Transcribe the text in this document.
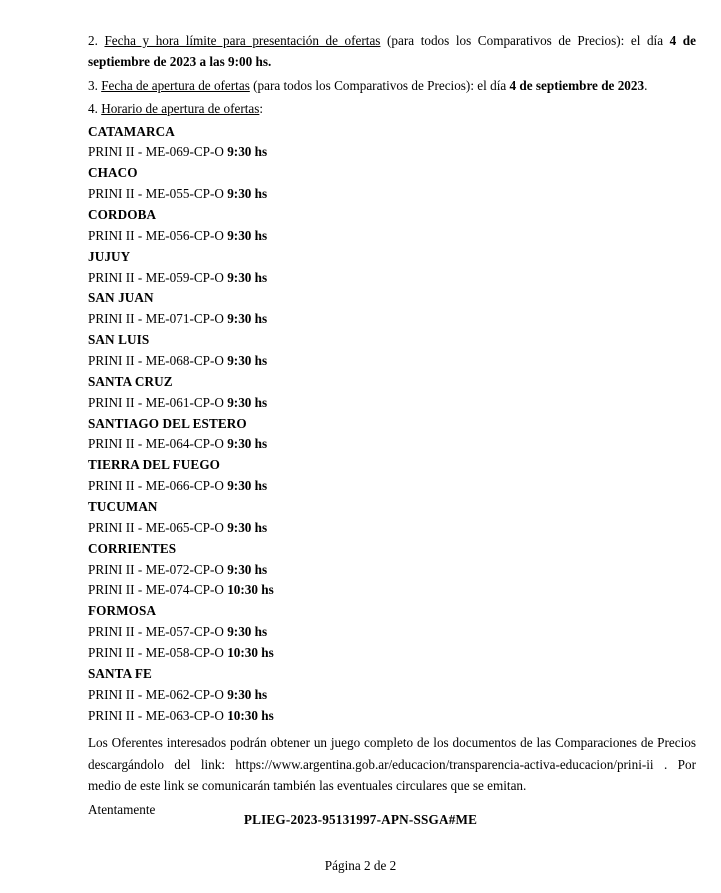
2. Fecha y hora límite para presentación de ofertas (para todos los Comparativos de Precios): el día 4 de septiembre de 2023 a las 9:00 hs.

3. Fecha de apertura de ofertas (para todos los Comparativos de Precios): el día 4 de septiembre de 2023.

4. Horario de apertura de ofertas:

CATAMARCA

PRINI II - ME-069-CP-O 9:30 hs

CHACO

PRINI II - ME-055-CP-O 9:30 hs

CORDOBA

PRINI II - ME-056-CP-O 9:30 hs

JUJUY

PRINI II - ME-059-CP-O 9:30 hs

SAN JUAN

PRINI II - ME-071-CP-O 9:30 hs

SAN LUIS

PRINI II - ME-068-CP-O 9:30 hs

SANTA CRUZ

PRINI II - ME-061-CP-O 9:30 hs

SANTIAGO DEL ESTERO

PRINI II - ME-064-CP-O 9:30 hs

TIERRA DEL FUEGO

PRINI II - ME-066-CP-O 9:30 hs

TUCUMAN

PRINI II - ME-065-CP-O 9:30 hs

CORRIENTES

PRINI II - ME-072-CP-O 9:30 hs

PRINI II - ME-074-CP-O 10:30 hs

FORMOSA

PRINI II - ME-057-CP-O 9:30 hs

PRINI II - ME-058-CP-O 10:30 hs

SANTA FE

PRINI II - ME-062-CP-O 9:30 hs

PRINI II - ME-063-CP-O 10:30 hs

Los Oferentes interesados podrán obtener un juego completo de los documentos de las Comparaciones de Precios descargándolo del link: https://www.argentina.gob.ar/educacion/transparencia-activa-educacion/prini-ii . Por medio de este link se comunicarán también las eventuales circulares que se emitan.

Atentamente

PLIEG-2023-95131997-APN-SSGA#ME
Página 2 de 2
